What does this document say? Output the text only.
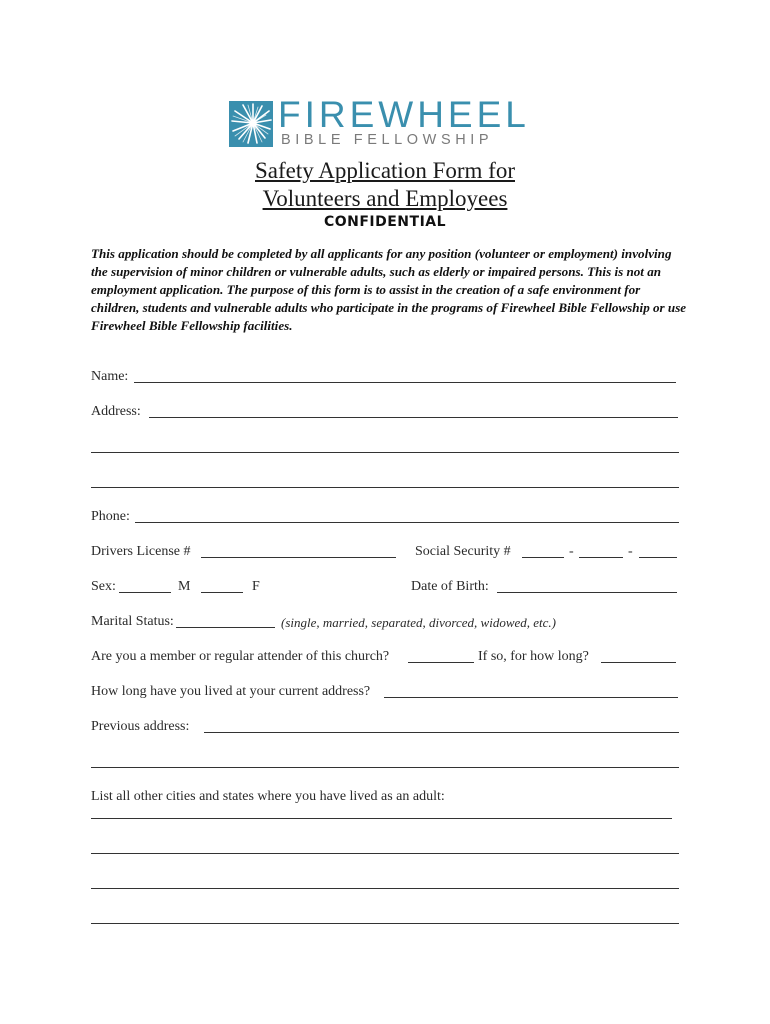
FIREWHEEL
BIBLE FELLOWSHIP
Safety Application Form for
Volunteers and Employees
CONFIDENTIAL
This application should be completed by all applicants for any position (volunteer or employment) involving the supervision of minor children or vulnerable adults, such as elderly or impaired persons. This is not an employment application. The purpose of this form is to assist in the creation of a safe environment for children, students and vulnerable adults who participate in the programs of Firewheel Bible Fellowship or use Firewheel Bible Fellowship facilities.
Name:
Address:
Phone:
Drivers License #	Social Security #	-	-
Sex:	M	F	Date of Birth:
Marital Status:	(single, married, separated, divorced, widowed, etc.)
Are you a member or regular attender of this church?	If so, for how long?
How long have you lived at your current address?
Previous address:
List all other cities and states where you have lived as an adult:
